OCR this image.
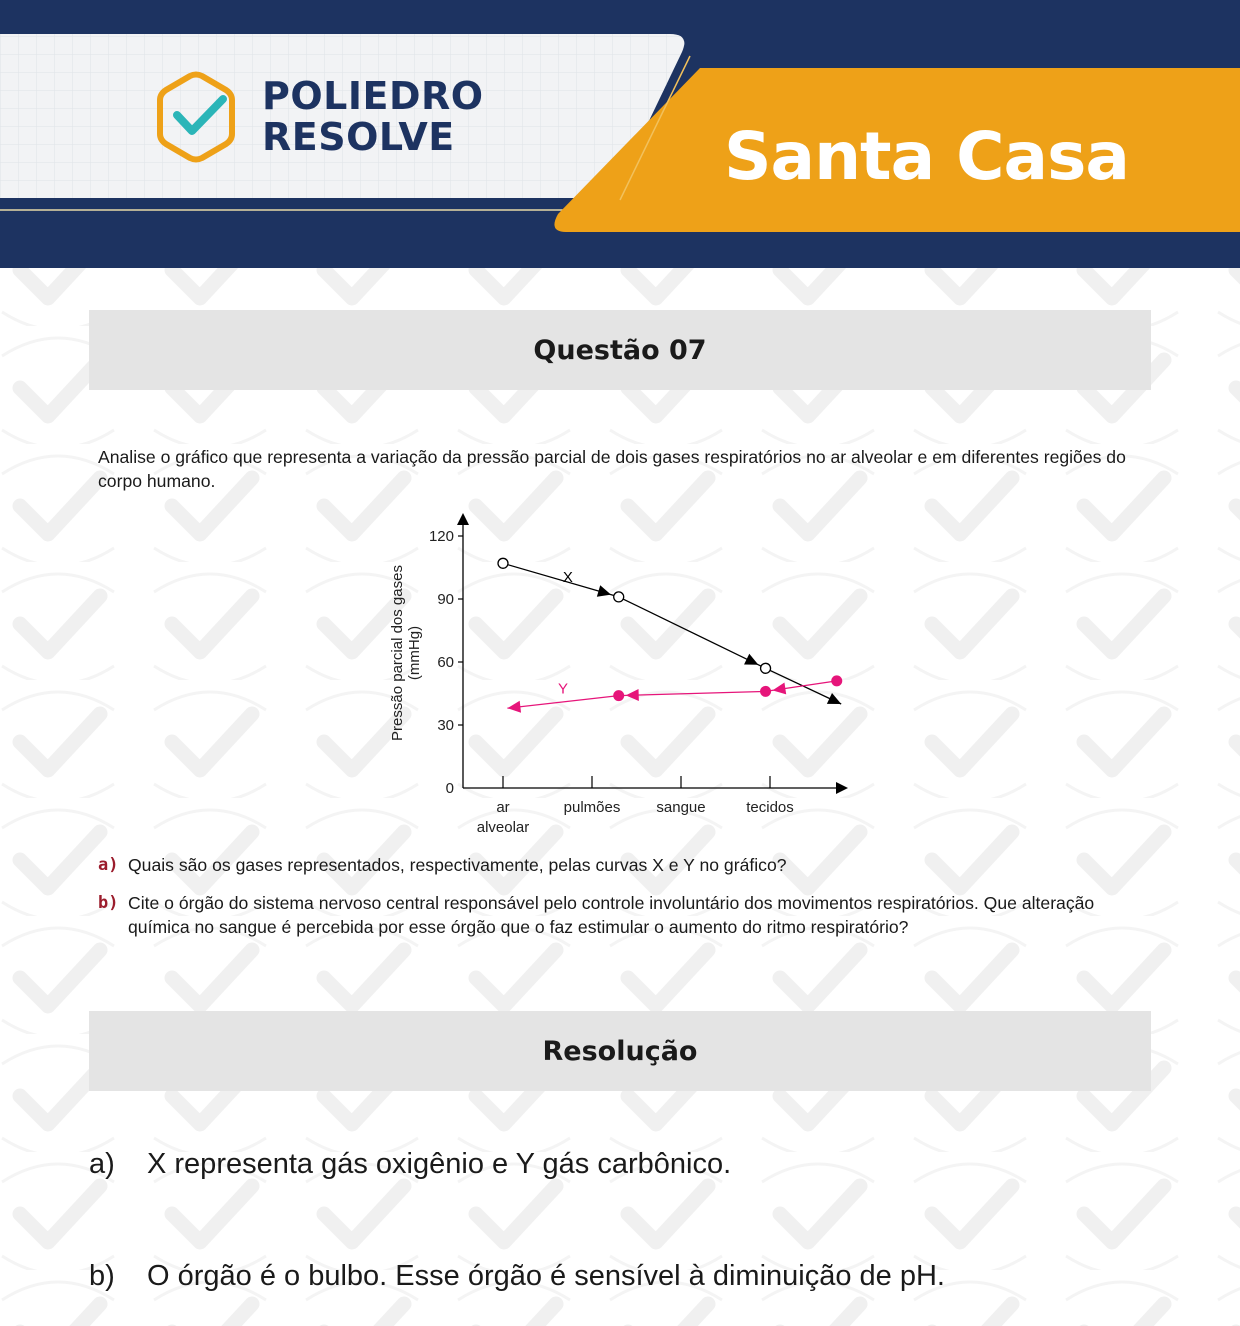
POLIEDRO
RESOLVE	Santa Casa
Questão 07
Analise o gráfico que representa a variação da pressão parcial de dois gases respiratórios no ar alveolar e em diferentes regiões do corpo humano.
0
30
60
90
120
ar
alveolar
pulmões sangue	tecidos
Pressão parcial dos gases (mmHg)
X
Y
a) Quais são os gases representados, respectivamente, pelas curvas X e Y no gráfico?
b) Cite o órgão do sistema nervoso central responsável pelo controle involuntário dos movimentos respiratórios. Que alteração química no sangue é percebida por esse órgão que o faz estimular o aumento do ritmo respiratório?
Resolução
a) X representa gás oxigênio e Y gás carbônico.
b) O órgão é o bulbo. Esse órgão é sensível à diminuição de pH.
